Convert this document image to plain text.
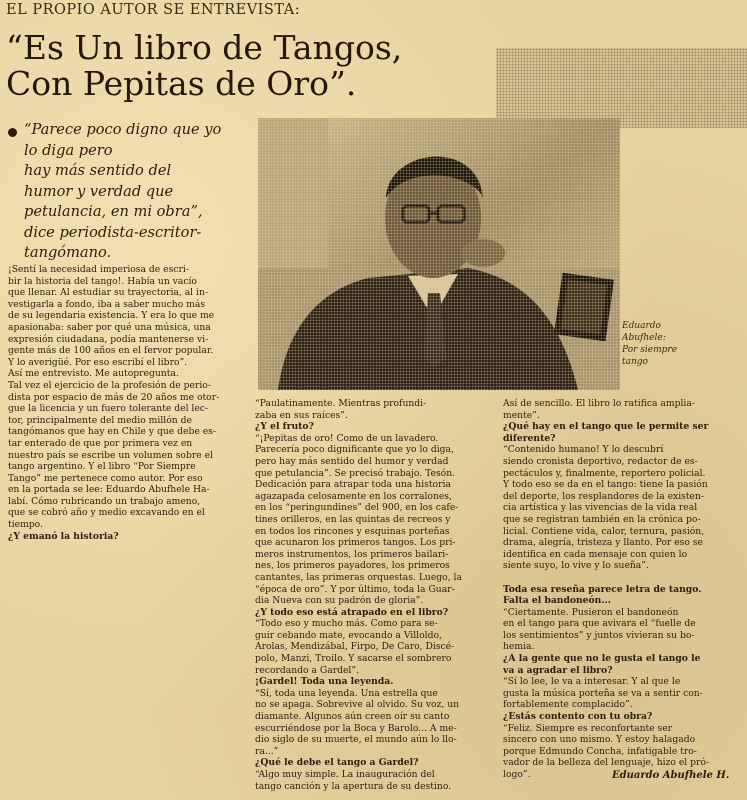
EL PROPIO AUTOR SE ENTREVISTA:
“Es Un libro de Tangos,
Con Pepitas de Oro”.
“Parece poco digno que yo
lo diga pero
hay más sentido del
humor y verdad que
petulancia, en mi obra”,
dice periodista-escritor-
tangómano.
Eduardo
Abufhele:
Por siempre
tango
¡Sentí la necesidad imperiosa de escri-
bir la historia del tango!. Había un vacío
que llenar. Al estudiar su trayectoria, al in-
vestigarla a fondo, iba a saber mucho más
de su legendaria existencia. Y era lo que me
apasionaba: saber por qué una música, una
expresión ciudadana, podía mantenerse vi-
gente más de 100 años en el fervor popular.
Y lo averigüé. Por eso escribí el libro”.
Así me entrevisto. Me autopregunta.
Tal vez el ejercicio de la profesión de perio-
dista por espacio de más de 20 años me otor-
gue la licencia y un fuero tolerante del lec-
tor, principalmente del medio millón de
tangómanos que hay en Chile y que debe es-
tar enterado de que por primera vez en
nuestro país se escribe un volumen sobre el
tango argentino. Y el libro “Por Siempre
Tango” me pertenece como autor. Por eso
en la portada se lee: Eduardo Abufhele Ha-
labí. Cómo rubricando un trabajo ameno,
que se cobró año y medio excavando en el
tiempo.
¿Y emanó la historia?
“Paulatinamente. Mientras profundi-
zaba en sus raíces”.
¿Y el fruto?
“¡Pepitas de oro! Como de un lavadero.
Parecería poco dignificante que yo lo diga,
pero hay más sentido del humor y verdad
que petulancia”. Se precisó trabajo. Tesón.
Dedicación para atrapar toda una historia
agazapada celosamente en los corralones,
en los “peringundines” del 900, en los cafe-
tines orilleros, en las quintas de recreos y
en todos los rincones y esquinas porteñas
que acunaron los primeros tangos. Los pri-
meros instrumentos, los primeros bailari-
nes, los primeros payadores, los primeros
cantantes, las primeras orquestas. Luego, la
“época de oro”. Y por último, toda la Guar-
dia Nueva con su padrón de gloria”.
¿Y todo eso está atrapado en el libro?
“Todo eso y mucho más. Como para se-
guir cebando mate, evocando a Villoldo,
Arolas, Mendizábal, Firpo, De Caro, Discé-
polo, Manzi, Troilo. Y sacarse el sombrero
recordando a Gardel”.
¡Gardel! Toda una leyenda.
“Sí, toda una leyenda. Una estrella que
no se apaga. Sobrevive al olvido. Su voz, un
diamante. Algunos aún creen oír su canto
escurriéndose por la Boca y Barolo... A me-
dio siglo de su muerte, el mundo aún lo llo-
ra...”
¿Qué le debe el tango a Gardel?
“Algo muy simple. La inauguración del
tango canción y la apertura de su destino.
Así de sencillo. El libro lo ratifica amplia-
mente”.
¿Qué hay en el tango que le permite ser
diferente?
“Contenido humano! Y lo descubrí
siendo cronista deportivo, redactor de es-
pectáculos y, finalmente, reportero policial.
Y todo eso se da en el tango: tiene la pasión
del deporte, los resplandores de la existen-
cia artística y las vivencias de la vida real
que se registran también en la crónica po-
licial. Contiene vida, calor, ternura, pasión,
drama, alegría, tristeza y llanto. Por eso se
identifica en cada mensaje con quien lo
siente suyo, lo vive y lo sueña”.

Toda esa reseña parece letra de tango.
Falta el bandoneón...
“Ciertamente. Pusieron el bandoneón
en el tango para que avivara el “fuelle de
los sentimientos” y juntos vivieran su bo-
hemia.
¿A la gente que no le gusta el tango le
va a agradar el libro?
“Sí lo lee, le va a interesar. Y al que le
gusta la música porteña se va a sentir con-
fortablemente complacido”.
¿Estás contento con tu obra?
“Feliz. Siempre es reconfortante ser
sincero con uno mismo. Y estoy halagado
porque Edmundo Concha, infatigable tro-
vador de la belleza del lenguaje, hizo el pró-
logo”.	Eduardo Abufhele H.
